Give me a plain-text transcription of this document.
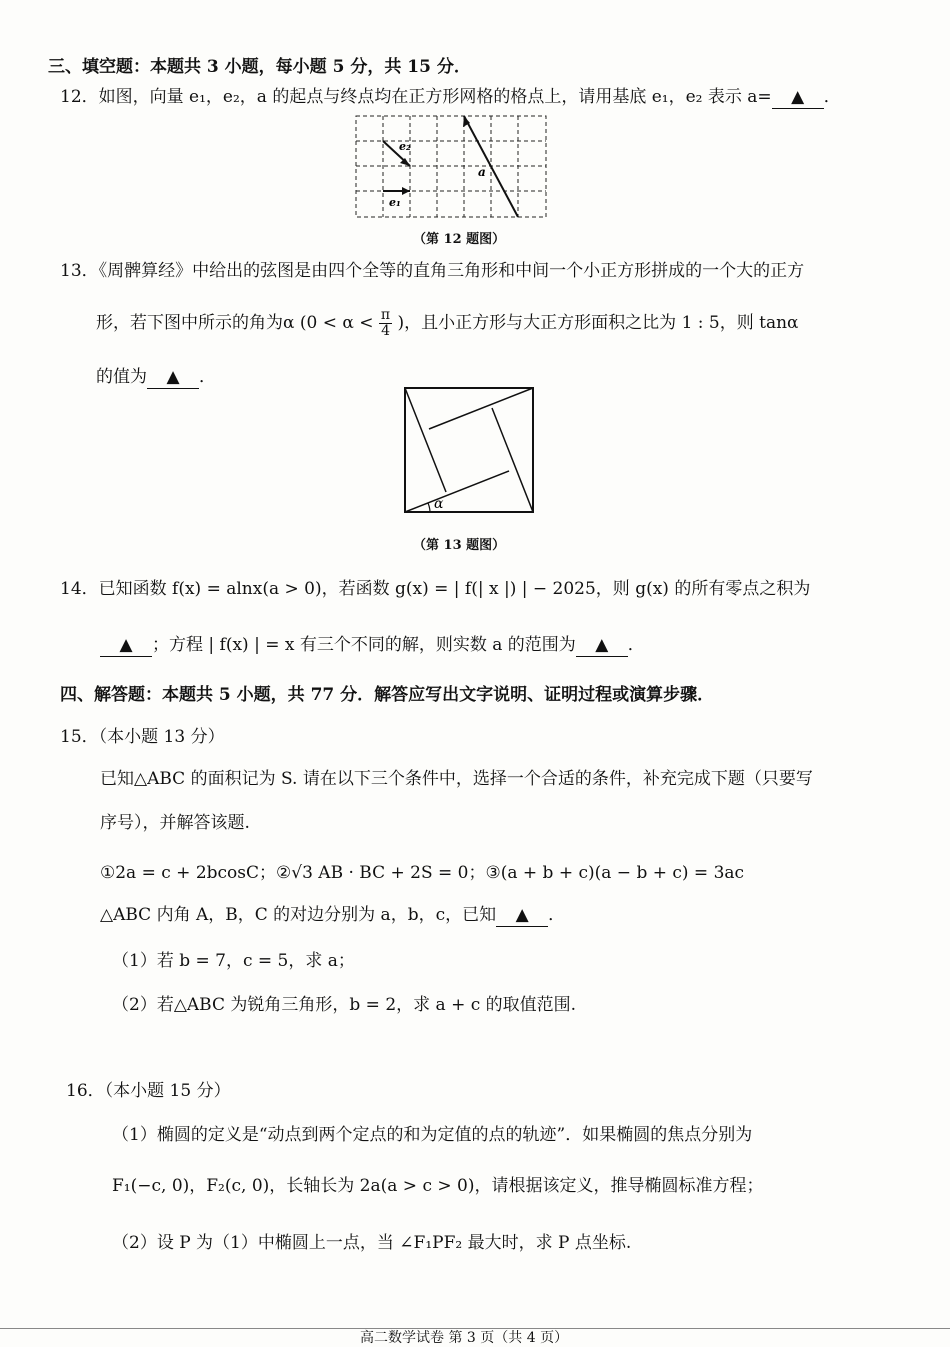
三、填空题：本题共 3 小题，每小题 5 分，共 15 分．
12．如图，向量 e₁，e₂，a 的起点与终点均在正方形网格的格点上，请用基底 e₁，e₂ 表示 a= ▲ ．
e₁
e₂
a
（第 12 题图）
13．《周髀算经》中给出的弦图是由四个全等的直角三角形和中间一个小正方形拼成的一个大的正方
形，若下图中所示的角为α ($0 < \alpha < \frac{\pi}{4}$ )，且小正方形与大正方形面积之比为 1 : 5，则 tanα
的值为 ▲ ．
α
（第 13 题图）
14．已知函数 f(x) = alnx(a > 0)，若函数 g(x) = | f(| x |) | − 2025，则 g(x) 的所有零点之积为
▲ ；方程 | f(x) | = x 有三个不同的解，则实数 a 的范围为 ▲ ．
四、解答题：本题共 5 小题，共 77 分．解答应写出文字说明、证明过程或演算步骤．
15．（本小题 13 分）
已知△ABC 的面积记为 S. 请在以下三个条件中，选择一个合适的条件，补充完成下题（只要写
序号），并解答该题.
①2a = c + 2bcosC；②√3 AB · BC + 2S = 0；③(a + b + c)(a − b + c) = 3ac
△ABC 内角 A，B，C 的对边分别为 a，b，c，已知 ▲ ．
（1）若 b = 7，c = 5，求 a；
（2）若△ABC 为锐角三角形，b = 2，求 a + c 的取值范围.
16．（本小题 15 分）
（1）椭圆的定义是“动点到两个定点的和为定值的点的轨迹”．如果椭圆的焦点分别为
F₁(−c, 0)，F₂(c, 0)，长轴长为 2a(a > c > 0)，请根据该定义，推导椭圆标准方程；
（2）设 P 为（1）中椭圆上一点，当 ∠F₁PF₂ 最大时，求 P 点坐标.
高二数学试卷 第 3 页（共 4 页）
